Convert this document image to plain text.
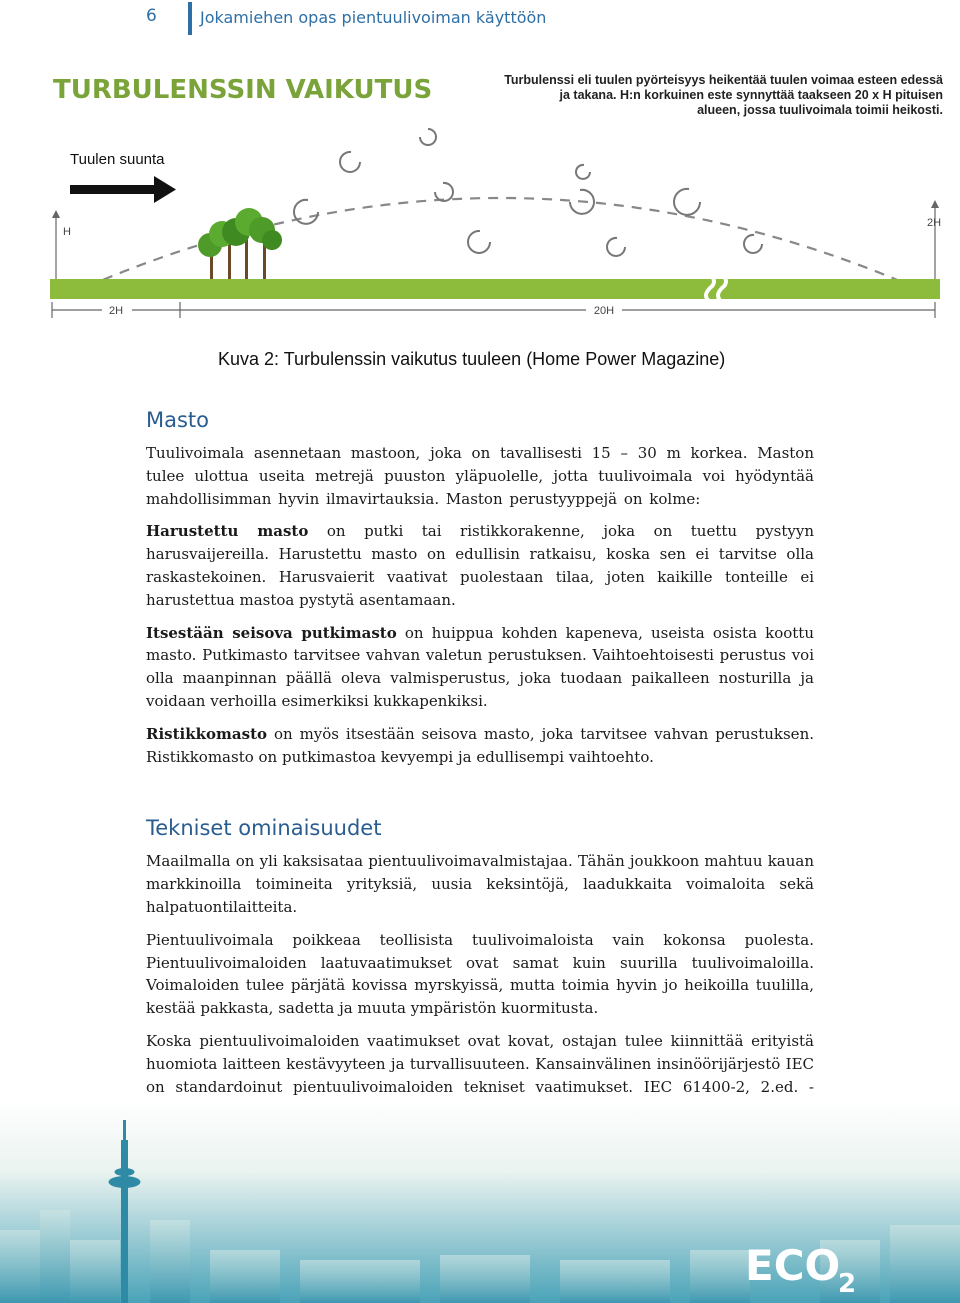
6	Jokamiehen opas pientuulivoiman käyttöön
TURBULENSSIN VAIKUTUS	Turbulenssi eli tuulen pyörteisyys heikentää tuulen voimaa esteen edessä
ja takana. H:n korkuinen este synnyttää taakseen 20 x H pituisen
alueen, jossa tuulivoimala toimii heikosti.
Tuulen suunta
H
2H
2H	20H
Kuva 2: Turbulenssin vaikutus tuuleen (Home Power Magazine)
Masto

Tuulivoimala asennetaan mastoon, joka on tavallisesti 15 – 30 m korkea. Maston tulee ulottua useita metrejä puuston yläpuolelle, jotta tuulivoimala voi hyödyntää mahdollisimman hyvin ilmavirtauksia. Maston perustyyppejä on kolme:

Harustettu masto on putki tai ristikkorakenne, joka on tuettu pystyyn harusvaijereilla. Harustettu masto on edullisin ratkaisu, koska sen ei tarvitse olla raskastekoinen. Harusvaierit vaativat puolestaan tilaa, joten kaikille tonteille ei harustettua mastoa pystytä asentamaan.

Itsestään seisova putkimasto on huippua kohden kapeneva, useista osista koottu masto. Putkimasto tarvitsee vahvan valetun perustuksen. Vaihtoehtoisesti perustus voi olla maanpinnan päällä oleva valmisperustus, joka tuodaan paikalleen nosturilla ja voidaan verhoilla esimerkiksi kukkapenkiksi.

Ristikkomasto on myös itsestään seisova masto, joka tarvitsee vahvan perustuksen. Ristikkomasto on putkimastoa kevyempi ja edullisempi vaihtoehto.

Tekniset ominaisuudet

Maailmalla on yli kaksisataa pientuulivoimavalmistajaa. Tähän joukkoon mahtuu kauan markkinoilla toimineita yrityksiä, uusia keksintöjä, laadukkaita voimaloita sekä halpatuontilaitteita.

Pientuulivoimala poikkeaa teollisista tuulivoimaloista vain kokonsa puolesta. Pientuulivoimaloiden laatuvaatimukset ovat samat kuin suurilla tuulivoimaloilla. Voimaloiden tulee pärjätä kovissa myrskyissä, mutta toimia hyvin jo heikoilla tuulilla, kestää pakkasta, sadetta ja muuta ympäristön kuormitusta.

Koska pientuulivoimaloiden vaatimukset ovat kovat, ostajan tulee kiinnittää erityistä huomiota laitteen kestävyyteen ja turvallisuuteen. Kansainvälinen insinöörijärjestö IEC on standardoinut pientuulivoimaloiden tekniset vaatimukset. IEC 61400-2, 2.ed. -

ECO
2
